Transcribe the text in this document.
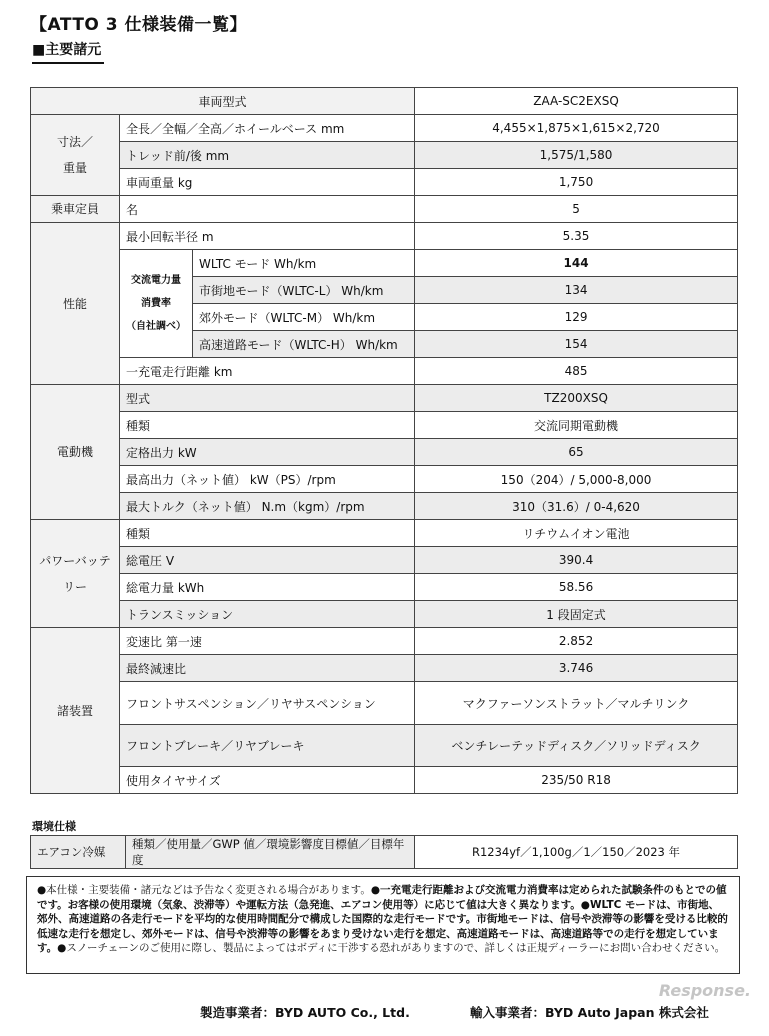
【ATTO 3 仕様装備一覧】
■主要諸元
車両型式			ZAA-SC2EXSQ
寸法／
重量	全長／全幅／全高／ホイールベース mm		4,455×1,875×1,615×2,720
	トレッド前/後 mm		1,575/1,580
	車両重量 kg		1,750
乗車定員	名		5
性能	最小回転半径 m		5.35
	交流電力量
消費率
（自社調べ）	WLTC モード Wh/km	144
		市街地モード（WLTC-L） Wh/km	134
		郊外モード（WLTC-M） Wh/km	129
		高速道路モード（WLTC-H） Wh/km	154
	一充電走行距離 km		485
電動機	型式		TZ200XSQ
	種類		交流同期電動機
	定格出力 kW		65
	最高出力（ネット値） kW（PS）/rpm		150（204）/ 5,000-8,000
	最大トルク（ネット値） N.m（kgm）/rpm		310（31.6）/ 0-4,620
パワーバッテ
リー	種類		リチウムイオン電池
	総電圧 V		390.4
	総電力量 kWh		58.56
	トランスミッション		1 段固定式
諸装置	変速比 第一速		2.852
	最終減速比		3.746
	フロントサスペンション／リヤサスペンション		マクファーソンストラット／マルチリンク
	フロントブレーキ／リヤブレーキ		ベンチレーテッドディスク／ソリッドディスク
	使用タイヤサイズ		235/50 R18
環境仕様
エアコン冷媒	種類／使用量／GWP 値／環境影響度目標値／目標年度	R1234yf／1,100g／1／150／2023 年
●本仕様・主要装備・諸元などは予告なく変更される場合があります。●一充電走行距離および交流電力消費率は定められた試験条件のもとでの値です。お客様の使用環境（気象、渋滞等）や運転方法（急発進、エアコン使用等）に応じて値は大きく異なります。●WLTC モードは、市街地、郊外、高速道路の各走行モードを平均的な使用時間配分で構成した国際的な走行モードです。市街地モードは、信号や渋滞等の影響を受ける比較的低速な走行を想定し、郊外モードは、信号や渋滞等の影響をあまり受けない走行を想定、高速道路モードは、高速道路等での走行を想定しています。●スノーチェーンのご使用に際し、製品によってはボディに干渉する恐れがありますので、詳しくは正規ディーラーにお問い合わせください。
製造事業者：BYD AUTO Co., Ltd.	輸入事業者：BYD Auto Japan 株式会社
Response.
